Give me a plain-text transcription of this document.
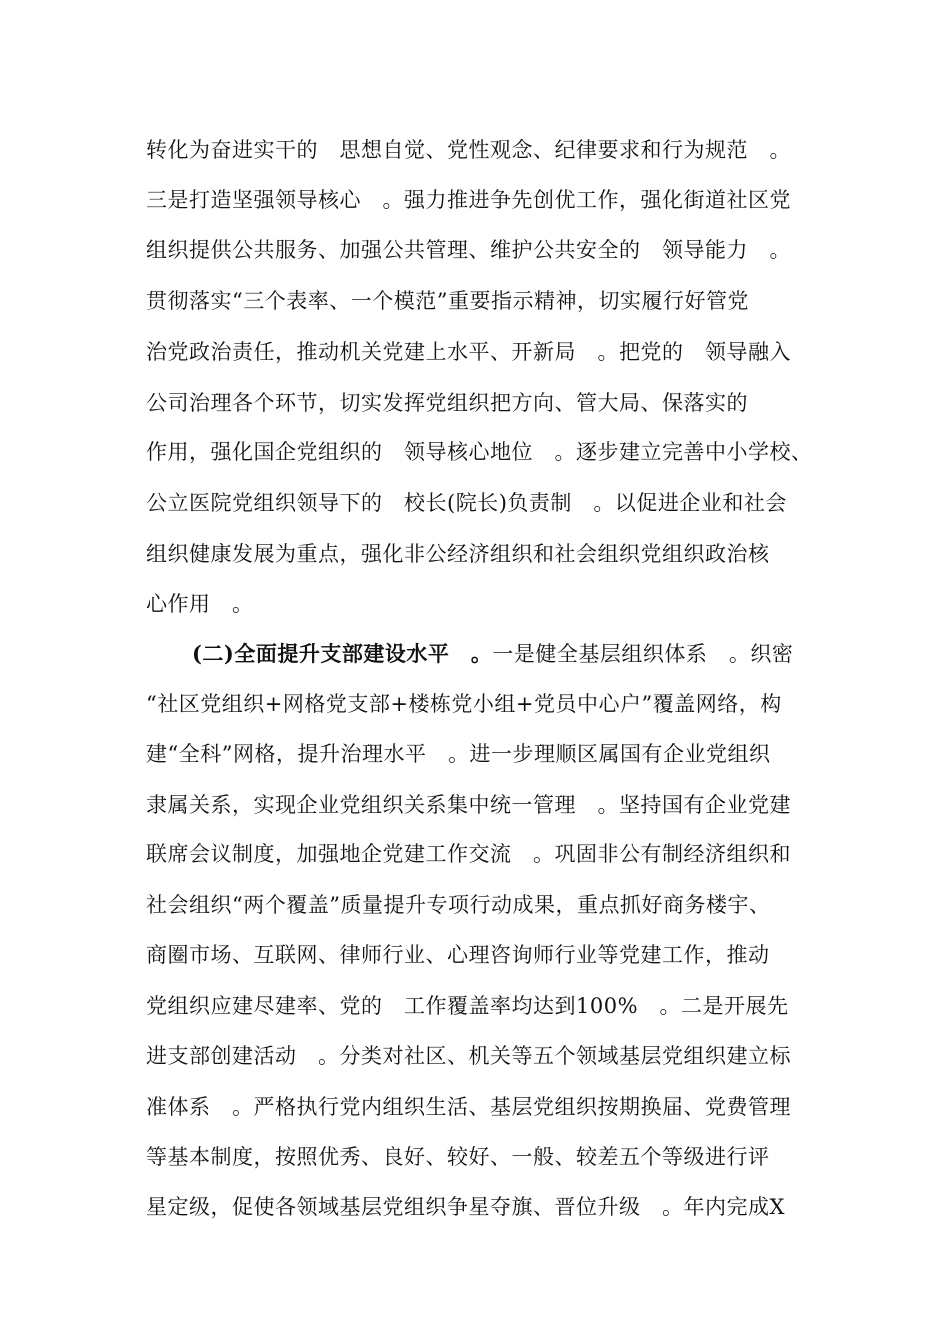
转化为奋进实干的　思想自觉、党性观念、纪律要求和行为规范　。
三是打造坚强领导核心　。强力推进争先创优工作，强化街道社区党
组织提供公共服务、加强公共管理、维护公共安全的　领导能力　。
贯彻落实“三个表率、一个模范”重要指示精神，切实履行好管党
治党政治责任，推动机关党建上水平、开新局　。把党的　领导融入
公司治理各个环节，切实发挥党组织把方向、管大局、保落实的
作用，强化国企党组织的　领导核心地位　。逐步建立完善中小学校、
公立医院党组织领导下的　校长(院长)负责制　。以促进企业和社会
组织健康发展为重点，强化非公经济组织和社会组织党组织政治核
心作用　。
(二)全面提升支部建设水平　。一是健全基层组织体系　。织密
“社区党组织+网格党支部+楼栋党小组+党员中心户”覆盖网络，构
建“全科”网格，提升治理水平　。进一步理顺区属国有企业党组织
隶属关系，实现企业党组织关系集中统一管理　。坚持国有企业党建
联席会议制度，加强地企党建工作交流　。巩固非公有制经济组织和
社会组织“两个覆盖”质量提升专项行动成果，重点抓好商务楼宇、
商圈市场、互联网、律师行业、心理咨询师行业等党建工作，推动
党组织应建尽建率、党的　工作覆盖率均达到100%　。二是开展先
进支部创建活动　。分类对社区、机关等五个领域基层党组织建立标
准体系　。严格执行党内组织生活、基层党组织按期换届、党费管理
等基本制度，按照优秀、良好、较好、一般、较差五个等级进行评
星定级，促使各领域基层党组织争星夺旗、晋位升级　。年内完成X
